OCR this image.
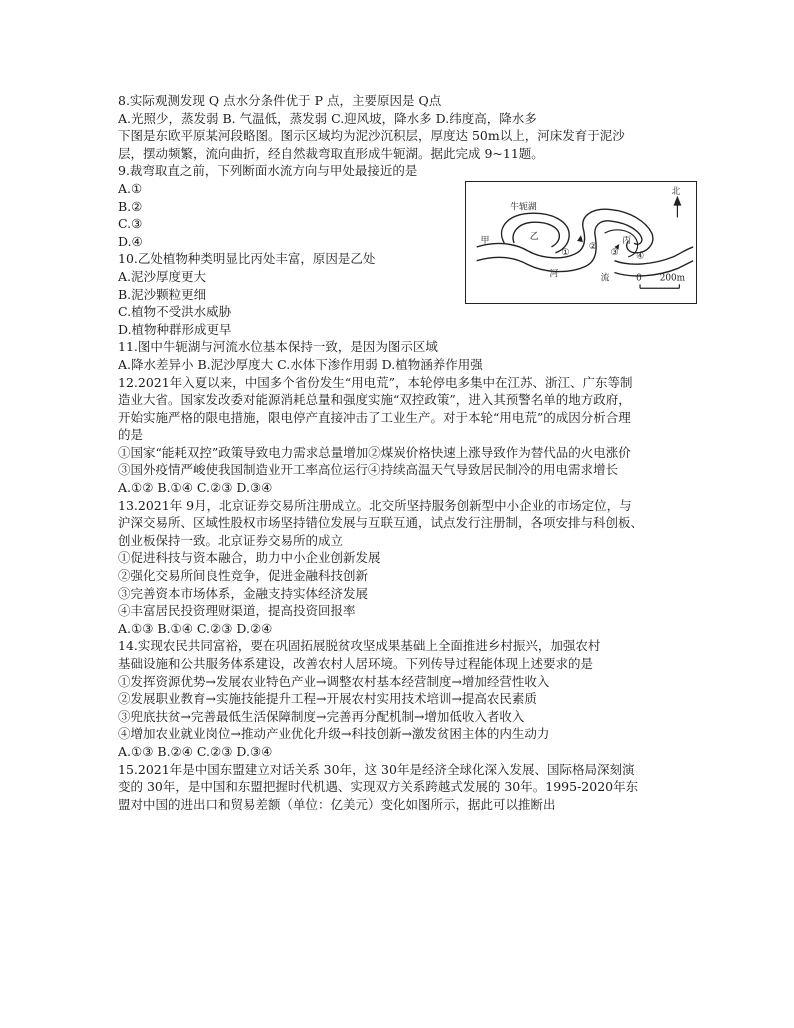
8.实际观测发现 Q 点水分条件优于 P 点，主要原因是 Q点
A.光照少，蒸发弱 B. 气温低，蒸发弱 C.迎风坡，降水多 D.纬度高，降水多
下图是东欧平原某河段略图。图示区域均为泥沙沉积层，厚度达 50m以上，河床发育于泥沙
层，摆动频繁，流向曲折，经自然裁弯取直形成牛轭湖。据此完成 9~11题。
9.裁弯取直之前，下列断面水流方向与甲处最接近的是
A.①
B.②
C.③
D.④
10.乙处植物种类明显比丙处丰富，原因是乙处
A.泥沙厚度更大
B.泥沙颗粒更细
C.植物不受洪水威胁
D.植物种群形成更早
11.图中牛轭湖与河流水位基本保持一致，是因为图示区域
A.降水差异小 B.泥沙厚度大 C.水体下渗作用弱 D.植物涵养作用强
12.2021年入夏以来，中国多个省份发生“用电荒”，本轮停电多集中在江苏、浙江、广东等制
造业大省。国家发改委对能源消耗总量和强度实施“双控政策”，进入其预警名单的地方政府，
开始实施严格的限电措施，限电停产直接冲击了工业生产。对于本轮“用电荒”的成因分析合理
的是
①国家“能耗双控”政策导致电力需求总量增加②煤炭价格快速上涨导致作为替代品的火电涨价
③国外疫情严峻使我国制造业开工率高位运行④持续高温天气导致居民制冷的用电需求增长
A.①② B.①④ C.②③ D.③④
13.2021年 9月，北京证券交易所注册成立。北交所坚持服务创新型中小企业的市场定位，与
沪深交易所、区域性股权市场坚持错位发展与互联互通，试点发行注册制，各项安排与科创板、
创业板保持一致。北京证券交易所的成立
①促进科技与资本融合，助力中小企业创新发展
②强化交易所间良性竞争，促进金融科技创新
③完善资本市场体系，金融支持实体经济发展
④丰富居民投资理财渠道，提高投资回报率
A.①③ B.①④ C.②③ D.②④
14.实现农民共同富裕，要在巩固拓展脱贫攻坚成果基础上全面推进乡村振兴，加强农村
基础设施和公共服务体系建设，改善农村人居环境。下列传导过程能体现上述要求的是
①发挥资源优势→发展农业特色产业→调整农村基本经营制度→增加经营性收入
②发展职业教育→实施技能提升工程→开展农村实用技术培训→提高农民素质
③兜底扶贫→完善最低生活保障制度→完善再分配机制→增加低收入者收入
④增加农业就业岗位→推动产业优化升级→科技创新→激发贫困主体的内生动力
A.①③ B.②④ C.②③ D.③④
15.2021年是中国东盟建立对话关系 30年，这 30年是经济全球化深入发展、国际格局深刻演
变的 30年，是中国和东盟把握时代机遇、实现双方关系跨越式发展的 30年。1995-2020年东
盟对中国的进出口和贸易差额（单位：亿美元）变化如图所示，据此可以推断出
北
0 200m
牛轭湖
甲	乙	丙
河	流
①
②
③ ④
